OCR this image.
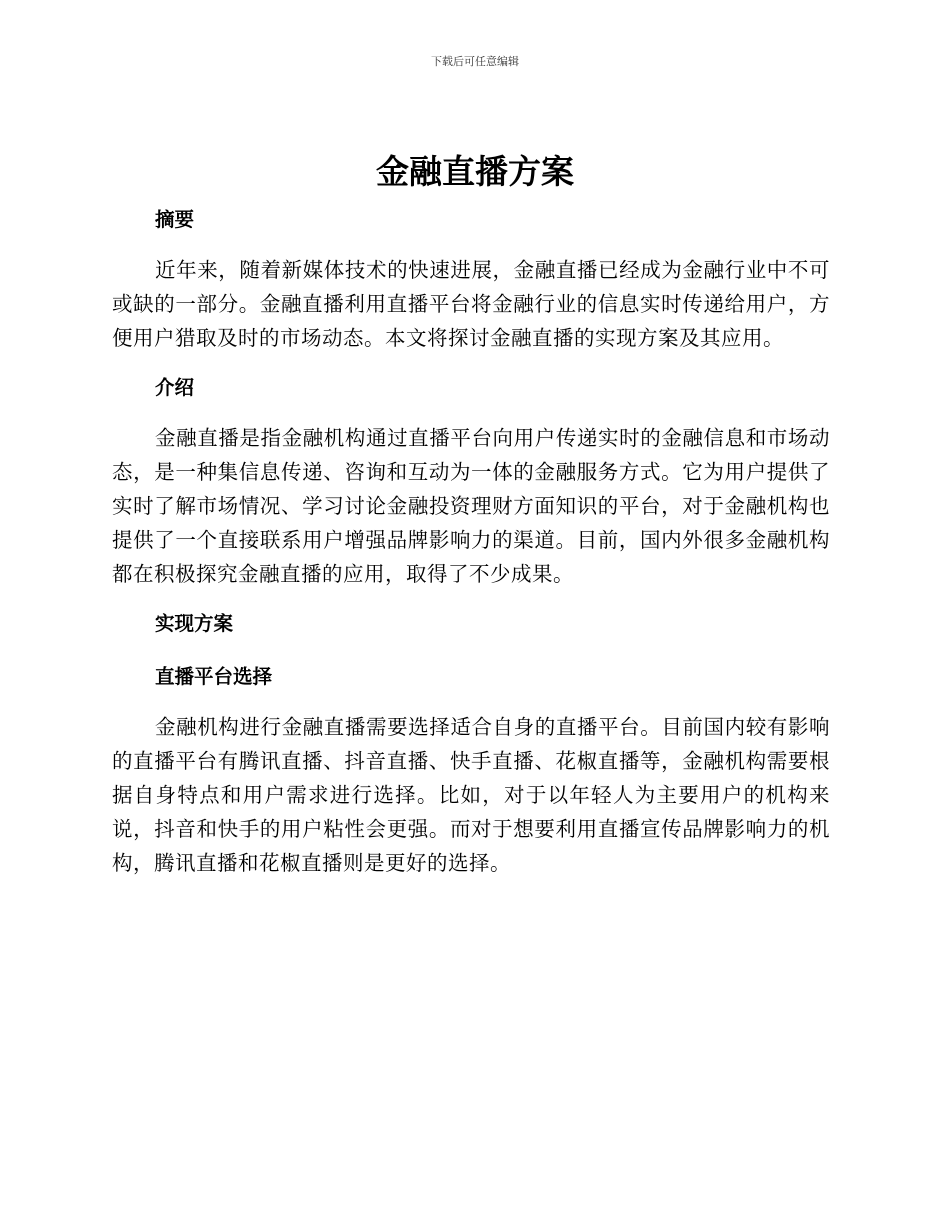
下载后可任意编辑
金融直播方案
摘要

近年来，随着新媒体技术的快速进展，金融直播已经成为金融行业中不可或缺的一部分。金融直播利用直播平台将金融行业的信息实时传递给用户，方便用户猎取及时的市场动态。本文将探讨金融直播的实现方案及其应用。

介绍

金融直播是指金融机构通过直播平台向用户传递实时的金融信息和市场动态，是一种集信息传递、咨询和互动为一体的金融服务方式。它为用户提供了实时了解市场情况、学习讨论金融投资理财方面知识的平台，对于金融机构也提供了一个直接联系用户增强品牌影响力的渠道。目前，国内外很多金融机构都在积极探究金融直播的应用，取得了不少成果。

实现方案
直播平台选择

金融机构进行金融直播需要选择适合自身的直播平台。目前国内较有影响的直播平台有腾讯直播、抖音直播、快手直播、花椒直播等，金融机构需要根据自身特点和用户需求进行选择。比如，对于以年轻人为主要用户的机构来说，抖音和快手的用户粘性会更强。而对于想要利用直播宣传品牌影响力的机构，腾讯直播和花椒直播则是更好的选择。
